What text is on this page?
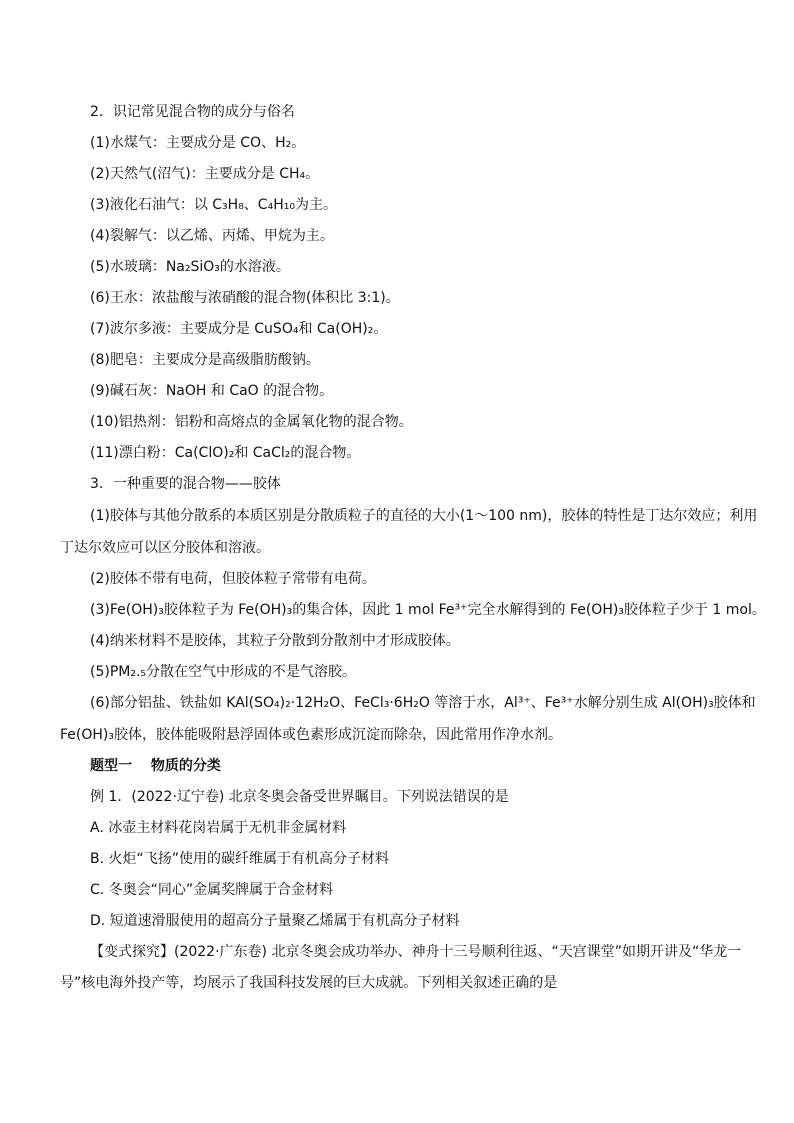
2．识记常见混合物的成分与俗名
(1)水煤气：主要成分是 CO、H₂。
(2)天然气(沼气)：主要成分是 CH₄。
(3)液化石油气：以 C₃H₈、C₄H₁₀为主。
(4)裂解气：以乙烯、丙烯、甲烷为主。
(5)水玻璃：Na₂SiO₃的水溶液。
(6)王水：浓盐酸与浓硝酸的混合物(体积比 3:1)。
(7)波尔多液：主要成分是 CuSO₄和 Ca(OH)₂。
(8)肥皂：主要成分是高级脂肪酸钠。
(9)碱石灰：NaOH 和 CaO 的混合物。
(10)铝热剂：铝粉和高熔点的金属氧化物的混合物。
(11)漂白粉：Ca(ClO)₂和 CaCl₂的混合物。
3．一种重要的混合物——胶体
(1)胶体与其他分散系的本质区别是分散质粒子的直径的大小(1～100 nm)，胶体的特性是丁达尔效应；利用
丁达尔效应可以区分胶体和溶液。
(2)胶体不带有电荷，但胶体粒子常带有电荷。
(3)Fe(OH)₃胶体粒子为 Fe(OH)₃的集合体，因此 1 mol Fe³⁺完全水解得到的 Fe(OH)₃胶体粒子少于 1 mol。
(4)纳米材料不是胶体，其粒子分散到分散剂中才形成胶体。
(5)PM₂.₅分散在空气中形成的不是气溶胶。
(6)部分铝盐、铁盐如 KAl(SO₄)₂·12H₂O、FeCl₃·6H₂O 等溶于水，Al³⁺、Fe³⁺水解分别生成 Al(OH)₃胶体和
Fe(OH)₃胶体，胶体能吸附悬浮固体或色素形成沉淀而除杂，因此常用作净水剂。
题型一　 物质的分类
例 1．(2022·辽宁卷) 北京冬奥会备受世界瞩目。下列说法错误的是
A. 冰壶主材料花岗岩属于无机非金属材料
B. 火炬“飞扬”使用的碳纤维属于有机高分子材料
C. 冬奥会“同心”金属奖牌属于合金材料
D. 短道速滑服使用的超高分子量聚乙烯属于有机高分子材料
【变式探究】(2022·广东卷) 北京冬奥会成功举办、神舟十三号顺利往返、“天宫课堂”如期开讲及“华龙一
号”核电海外投产等，均展示了我国科技发展的巨大成就。下列相关叙述正确的是
